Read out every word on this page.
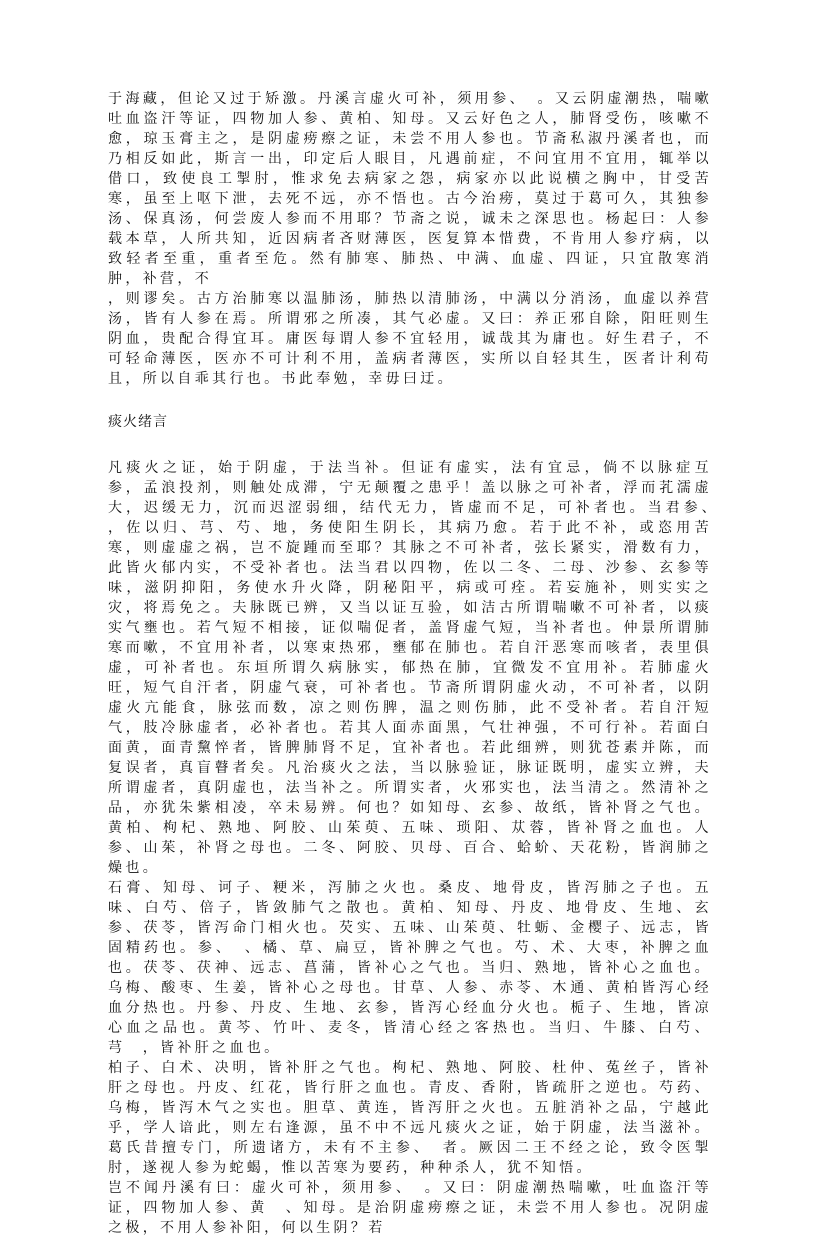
于海藏，但论又过于矫激。丹溪言虚火可补，须用参、　。又云阴虚潮热，喘嗽吐血盗汗等证，四物加人参、黄柏、知母。又云好色之人，肺肾受伤，咳嗽不愈，琼玉膏主之，是阴虚痨瘵之证，未尝不用人参也。节斋私淑丹溪者也，而乃相反如此，斯言一出，印定后人眼目，凡遇前症，不问宜用不宜用，辄举以借口，致使良工掣肘，惟求免去病家之怨，病家亦以此说横之胸中，甘受苦寒，虽至上呕下泄，去死不远，亦不悟也。古今治痨，莫过于葛可久，其独参汤、保真汤，何尝废人参而不用耶？节斋之说，诚未之深思也。杨起曰：人参载本草，人所共知，近因病者吝财薄医，医复算本惜费，不肯用人参疗病，以致轻者至重，重者至危。然有肺寒、肺热、中满、血虚、四证，只宜散寒消肿，补营，不

，则谬矣。古方治肺寒以温肺汤，肺热以清肺汤，中满以分消汤，血虚以养营汤，皆有人参在焉。所谓邪之所凑，其气必虚。又曰：养正邪自除，阳旺则生阴血，贵配合得宜耳。庸医每谓人参不宜轻用，诚哉其为庸也。好生君子，不可轻命薄医，医亦不可计利不用，盖病者薄医，实所以自轻其生，医者计利苟且，所以自乖其行也。书此奉勉，幸毋曰迂。

痰火绪言

凡痰火之证，始于阴虚，于法当补。但证有虚实，法有宜忌，倘不以脉症互参，孟浪投剂，则触处成滞，宁无颠覆之患乎！盖以脉之可补者，浮而芤濡虚大，迟缓无力，沉而迟涩弱细，结代无力，皆虚而不足，可补者也。当君参、　，佐以归、芎、芍、地，务使阳生阴长，其病乃愈。若于此不补，或恣用苦寒，则虚虚之祸，岂不旋踵而至耶？其脉之不可补者，弦长紧实，滑数有力，此皆火郁内实，不受补者也。法当君以四物，佐以二冬、二母、沙参、玄参等味，滋阴抑阳，务使水升火降，阴秘阳平，病或可痊。若妄施补，则实实之灾，将焉免之。夫脉既已辨，又当以证互验，如洁古所谓喘嗽不可补者，以痰实气壅也。若气短不相接，证似喘促者，盖肾虚气短，当补者也。仲景所谓肺寒而嗽，不宜用补者，以寒束热邪，壅郁在肺也。若自汗恶寒而咳者，表里俱虚，可补者也。东垣所谓久病脉实，郁热在肺，宜微发不宜用补。若肺虚火旺，短气自汗者，阴虚气衰，可补者也。节斋所谓阴虚火动，不可补者，以阴虚火亢能食，脉弦而数，凉之则伤脾，温之则伤肺，此不受补者。若自汗短气，肢冷脉虚者，必补者也。若其人面赤面黑，气壮神强，不可行补。若面白面黄，面青黧悴者，皆脾肺肾不足，宜补者也。若此细辨，则犹苍素并陈，而复误者，真盲瞽者矣。凡治痰火之法，当以脉验证，脉证既明，虚实立辨，夫所谓虚者，真阴虚也，法当补之。所谓实者，火邪实也，法当清之。然清补之品，亦犹朱紫相凌，卒未易辨。何也？如知母、玄参、故纸，皆补肾之气也。黄柏、枸杞、熟地、阿胶、山茱萸、五味、琐阳、苁蓉，皆补肾之血也。人参、山茱，补肾之母也。二冬、阿胶、贝母、百合、蛤蚧、天花粉，皆润肺之燥也。

石膏、知母、诃子、粳米，泻肺之火也。桑皮、地骨皮，皆泻肺之子也。五味、白芍、倍子，皆敛肺气之散也。黄柏、知母、丹皮、地骨皮、生地、玄参、茯苓，皆泻命门相火也。芡实、五味、山茱萸、牡蛎、金樱子、远志，皆固精药也。参、　、橘、草、扁豆，皆补脾之气也。芍、术、大枣，补脾之血也。茯苓、茯神、远志、菖蒲，皆补心之气也。当归、熟地，皆补心之血也。乌梅、酸枣、生姜，皆补心之母也。甘草、人参、赤苓、木通、黄柏皆泻心经血分热也。丹参、丹皮、生地、玄参，皆泻心经血分火也。栀子、生地，皆凉心血之品也。黄芩、竹叶、麦冬，皆清心经之客热也。当归、牛膝、白芍、芎　，皆补肝之血也。

柏子、白术、决明，皆补肝之气也。枸杞、熟地、阿胶、杜仲、菟丝子，皆补肝之母也。丹皮、红花，皆行肝之血也。青皮、香附，皆疏肝之逆也。芍药、乌梅，皆泻木气之实也。胆草、黄连，皆泻肝之火也。五脏消补之品，宁越此乎，学人谙此，则左右逢源，虽不中不远凡痰火之证，始于阴虚，法当滋补。葛氏昔擅专门，所遗诸方，未有不主参、　者。厥因二王不经之论，致令医掣肘，遂视人参为蛇蝎，惟以苦寒为要药，种种杀人，犹不知悟。

岂不闻丹溪有曰：虚火可补，须用参、　。又曰：阴虚潮热喘嗽，吐血盗汗等证，四物加人参、黄　、知母。是治阴虚痨瘵之证，未尝不用人参也。况阴虚之极，不用人参补阳，何以生阴？若
